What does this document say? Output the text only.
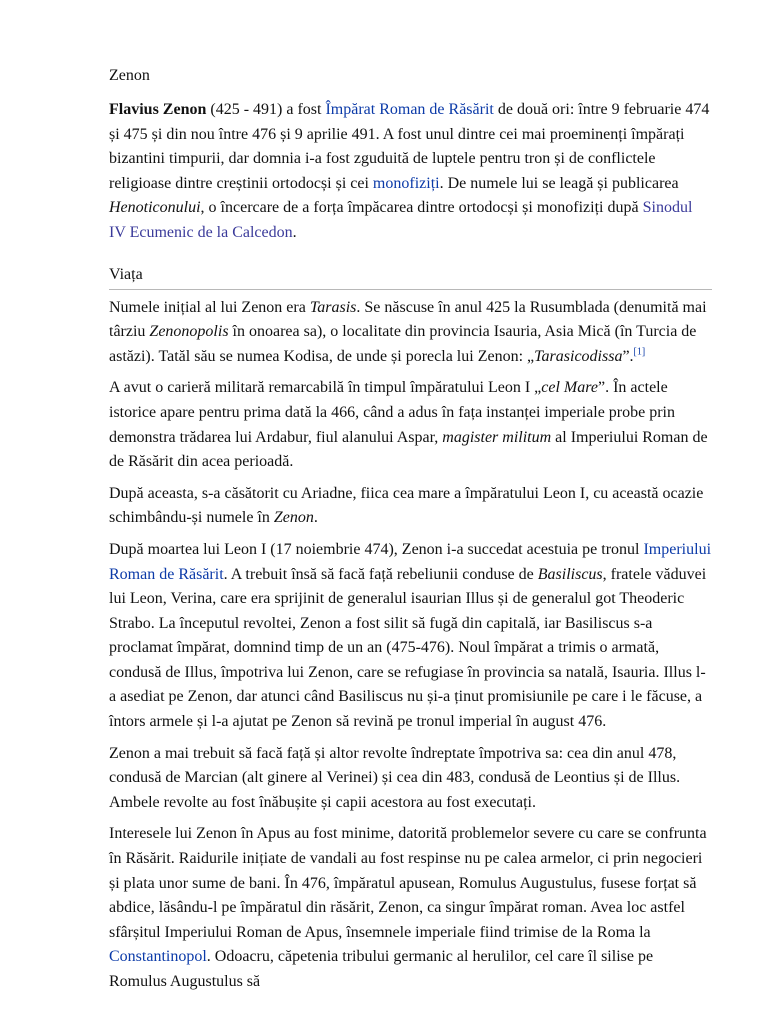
Zenon

Flavius Zenon (425 - 491) a fost Împărat Roman de Răsărit de două ori: între 9 februarie 474 și 475 și din nou între 476 și 9 aprilie 491. A fost unul dintre cei mai proeminenți împărați bizantini timpurii, dar domnia i-a fost zguduită de luptele pentru tron și de conflictele religioase dintre creștinii ortodocși și cei monofiziți. De numele lui se leagă și publicarea Henoticonului, o încercare de a forța împăcarea dintre ortodocși și monofiziți după Sinodul IV Ecumenic de la Calcedon.

Viața

Numele inițial al lui Zenon era Tarasis. Se născuse în anul 425 la Rusumblada (denumită mai târziu Zenonopolis în onoarea sa), o localitate din provincia Isauria, Asia Mică (în Turcia de astăzi). Tatăl său se numea Kodisa, de unde și porecla lui Zenon: „Tarasicodissa”.[1]

A avut o carieră militară remarcabilă în timpul împăratului Leon I „cel Mare”. În actele istorice apare pentru prima dată la 466, când a adus în fața instanței imperiale probe prin demonstra trădarea lui Ardabur, fiul alanului Aspar, magister militum al Imperiului Roman de de Răsărit din acea perioadă.

După aceasta, s-a căsătorit cu Ariadne, fiica cea mare a împăratului Leon I, cu această ocazie schimbându-și numele în Zenon.

După moartea lui Leon I (17 noiembrie 474), Zenon i-a succedat acestuia pe tronul Imperiului Roman de Răsărit. A trebuit însă să facă față rebeliunii conduse de Basiliscus, fratele văduvei lui Leon, Verina, care era sprijinit de generalul isaurian Illus și de generalul got Theoderic Strabo. La începutul revoltei, Zenon a fost silit să fugă din capitală, iar Basiliscus s-a proclamat împărat, domnind timp de un an (475-476). Noul împărat a trimis o armată, condusă de Illus, împotriva lui Zenon, care se refugiase în provincia sa natală, Isauria. Illus l-a asediat pe Zenon, dar atunci când Basiliscus nu și-a ținut promisiunile pe care i le făcuse, a întors armele și l-a ajutat pe Zenon să revină pe tronul imperial în august 476.

Zenon a mai trebuit să facă față și altor revolte îndreptate împotriva sa: cea din anul 478, condusă de Marcian (alt ginere al Verinei) și cea din 483, condusă de Leontius și de Illus. Ambele revolte au fost înăbușite și capii acestora au fost executați.

Interesele lui Zenon în Apus au fost minime, datorită problemelor severe cu care se confrunta în Răsărit. Raidurile inițiate de vandali au fost respinse nu pe calea armelor, ci prin negocieri și plata unor sume de bani. În 476, împăratul apusean, Romulus Augustulus, fusese forțat să abdice, lăsându-l pe împăratul din răsărit, Zenon, ca singur împărat roman. Avea loc astfel sfârșitul Imperiului Roman de Apus, însemnele imperiale fiind trimise de la Roma la Constantinopol. Odoacru, căpetenia tribului germanic al herulilor, cel care îl silise pe Romulus Augustulus să
